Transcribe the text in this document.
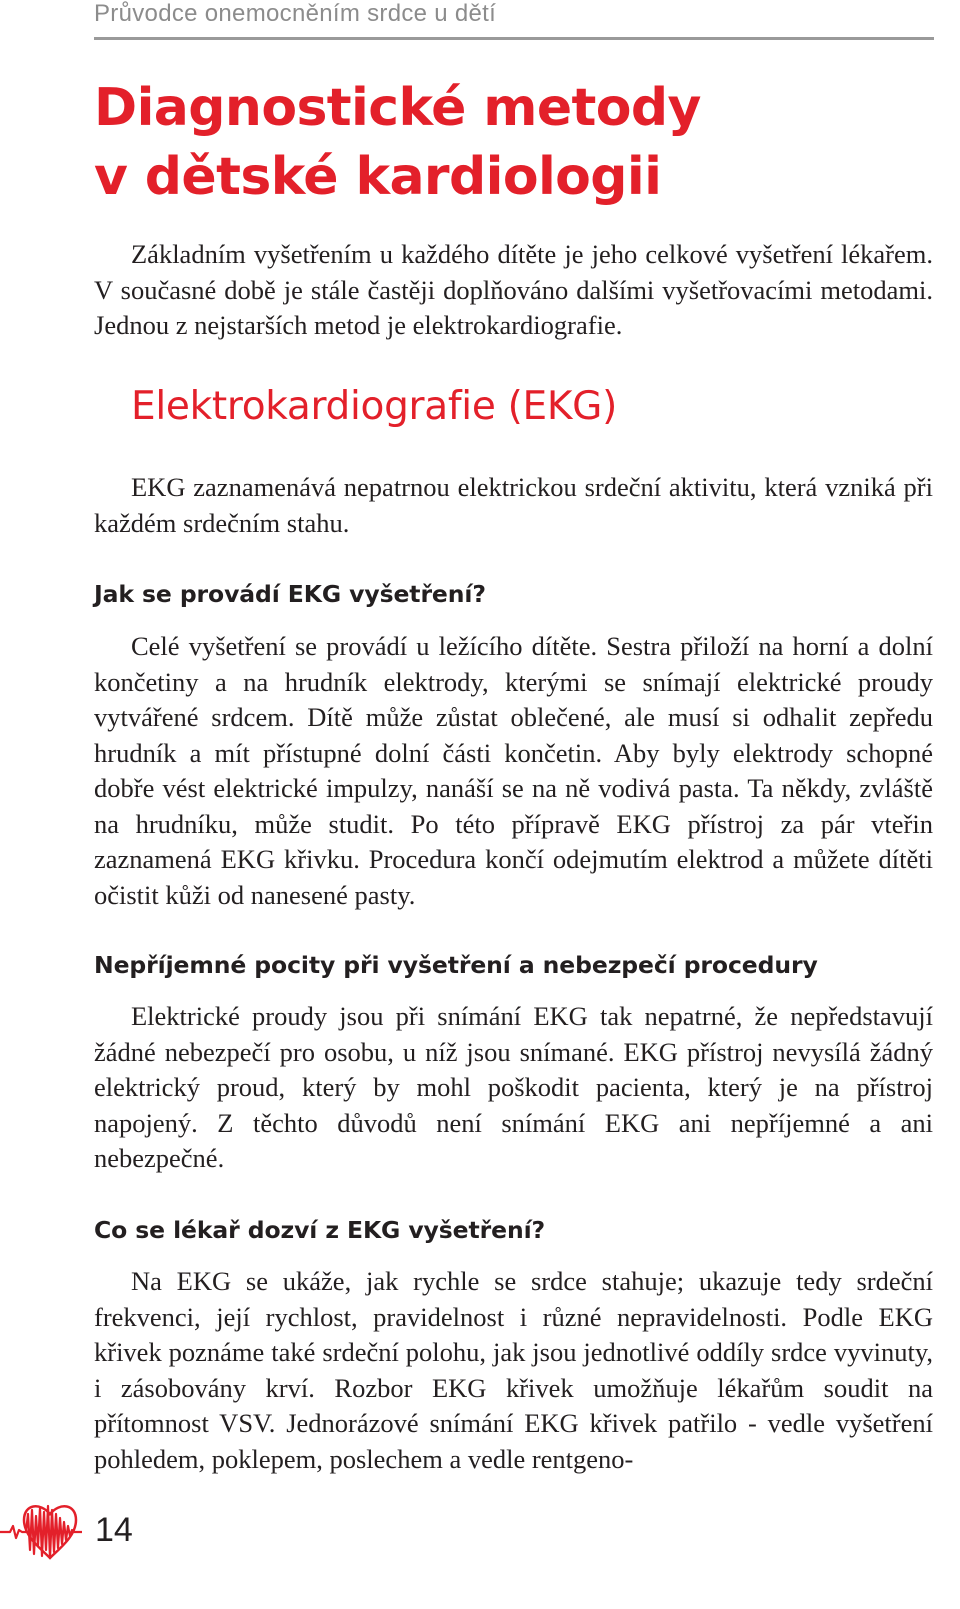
Průvodce onemocněním srdce u dětí
Diagnostické metody
v dětské kardiologii

Základním vyšetřením u každého dítěte je jeho celkové vyšetření lékařem. V současné době je stále častěji doplňováno dalšími vyšetřovacími metodami. Jednou z nejstarších metod je elektrokardiografie.

Elektrokardiografie (EKG)

EKG zaznamenává nepatrnou elektrickou srdeční aktivitu, která vzniká při každém srdečním stahu.

Jak se provádí EKG vyšetření?

Celé vyšetření se provádí u ležícího dítěte. Sestra přiloží na horní a dolní končetiny a na hrudník elektrody, kterými se snímají elektrické proudy vytvářené srdcem. Dítě může zůstat oblečené, ale musí si odhalit zepředu hrudník a mít přístupné dolní části končetin. Aby byly elektrody schopné dobře vést elektrické impulzy, nanáší se na ně vodivá pasta. Ta někdy, zvláště na hrudníku, může studit. Po této přípravě EKG přístroj za pár vteřin zaznamená EKG křivku. Procedura končí odejmutím elektrod a můžete dítěti očistit kůži od nanesené pasty.

Nepříjemné pocity při vyšetření a nebezpečí procedury

Elektrické proudy jsou při snímání EKG tak nepatrné, že nepředstavují žádné nebezpečí pro osobu, u níž jsou snímané. EKG přístroj nevysílá žádný elektrický proud, který by mohl poškodit pacienta, který je na přístroj napojený. Z těchto důvodů není snímání EKG ani nepříjemné a ani nebezpečné.

Co se lékař dozví z EKG vyšetření?

Na EKG se ukáže, jak rychle se srdce stahuje; ukazuje tedy srdeční frekvenci, její rychlost, pravidelnost i různé nepravidelnosti. Podle EKG křivek poznáme také srdeční polohu, jak jsou jednotlivé oddíly srdce vyvinuty, i zásobovány krví. Rozbor EKG křivek umožňuje lékařům soudit na přítomnost VSV. Jednorázové snímání EKG křivek patřilo - vedle vyšetření pohledem, poklepem, poslechem a vedle rentgeno-

14
